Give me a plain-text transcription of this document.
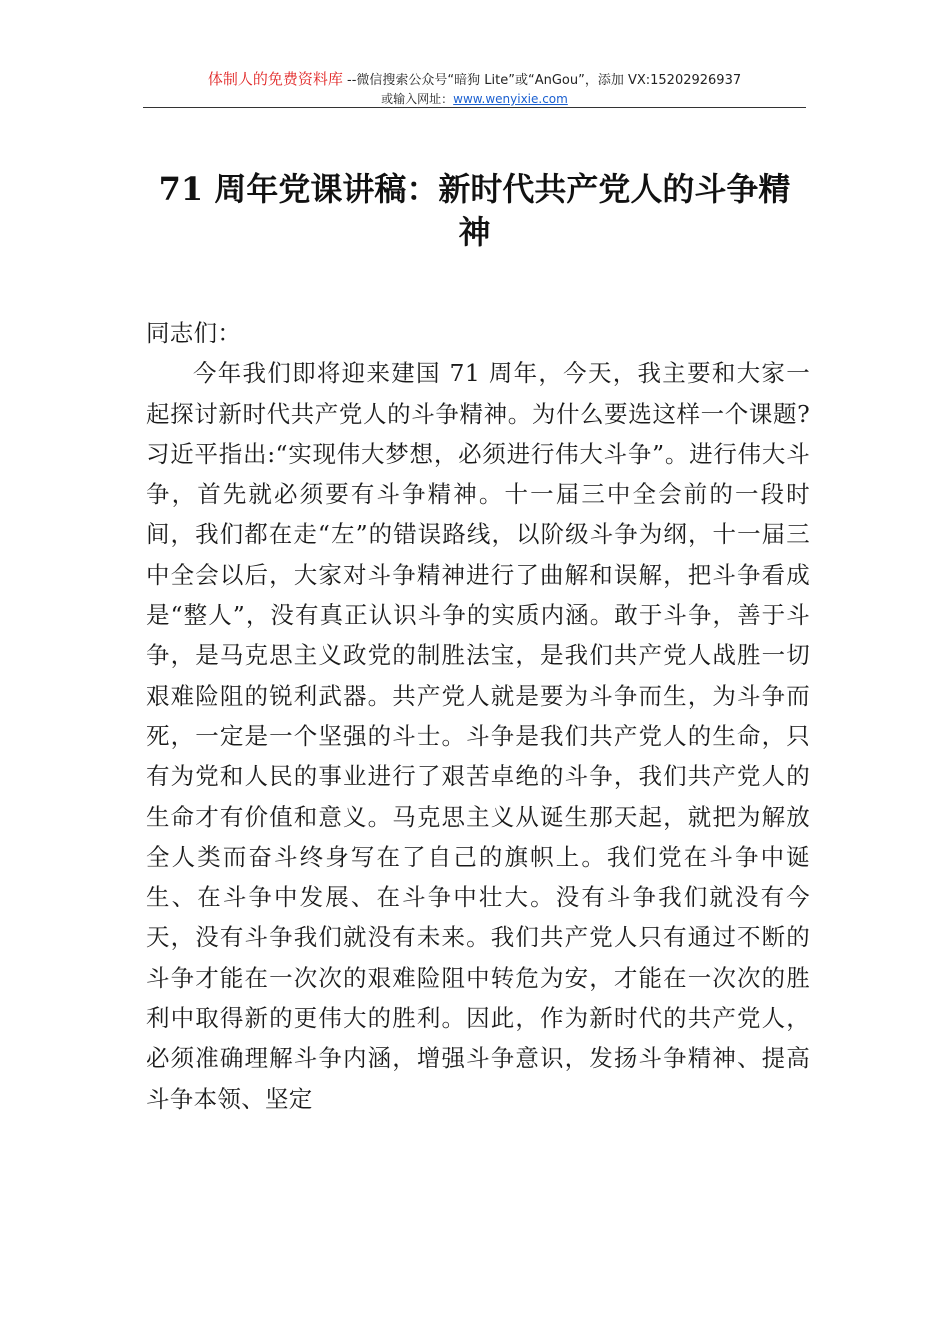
体制人的免费资料库 --微信搜索公众号“暗狗 Lite”或“AnGou”，添加 VX:15202926937
或输入网址：www.wenyixie.com
71 周年党课讲稿：新时代共产党人的斗争精神

同志们：

今年我们即将迎来建国 71 周年，今天，我主要和大家一起探讨新时代共产党人的斗争精神。为什么要选这样一个课题?习近平指出:“实现伟大梦想，必须进行伟大斗争”。进行伟大斗争，首先就必须要有斗争精神。十一届三中全会前的一段时间，我们都在走“左”的错误路线，以阶级斗争为纲，十一届三中全会以后，大家对斗争精神进行了曲解和误解，把斗争看成是“整人”，没有真正认识斗争的实质内涵。敢于斗争，善于斗争，是马克思主义政党的制胜法宝，是我们共产党人战胜一切艰难险阻的锐利武器。共产党人就是要为斗争而生，为斗争而死，一定是一个坚强的斗士。斗争是我们共产党人的生命，只有为党和人民的事业进行了艰苦卓绝的斗争，我们共产党人的生命才有价值和意义。马克思主义从诞生那天起，就把为解放全人类而奋斗终身写在了自己的旗帜上。我们党在斗争中诞生、在斗争中发展、在斗争中壮大。没有斗争我们就没有今天，没有斗争我们就没有未来。我们共产党人只有通过不断的斗争才能在一次次的艰难险阻中转危为安，才能在一次次的胜利中取得新的更伟大的胜利。因此，作为新时代的共产党人，必须准确理解斗争内涵，增强斗争意识，发扬斗争精神、提高斗争本领、坚定
